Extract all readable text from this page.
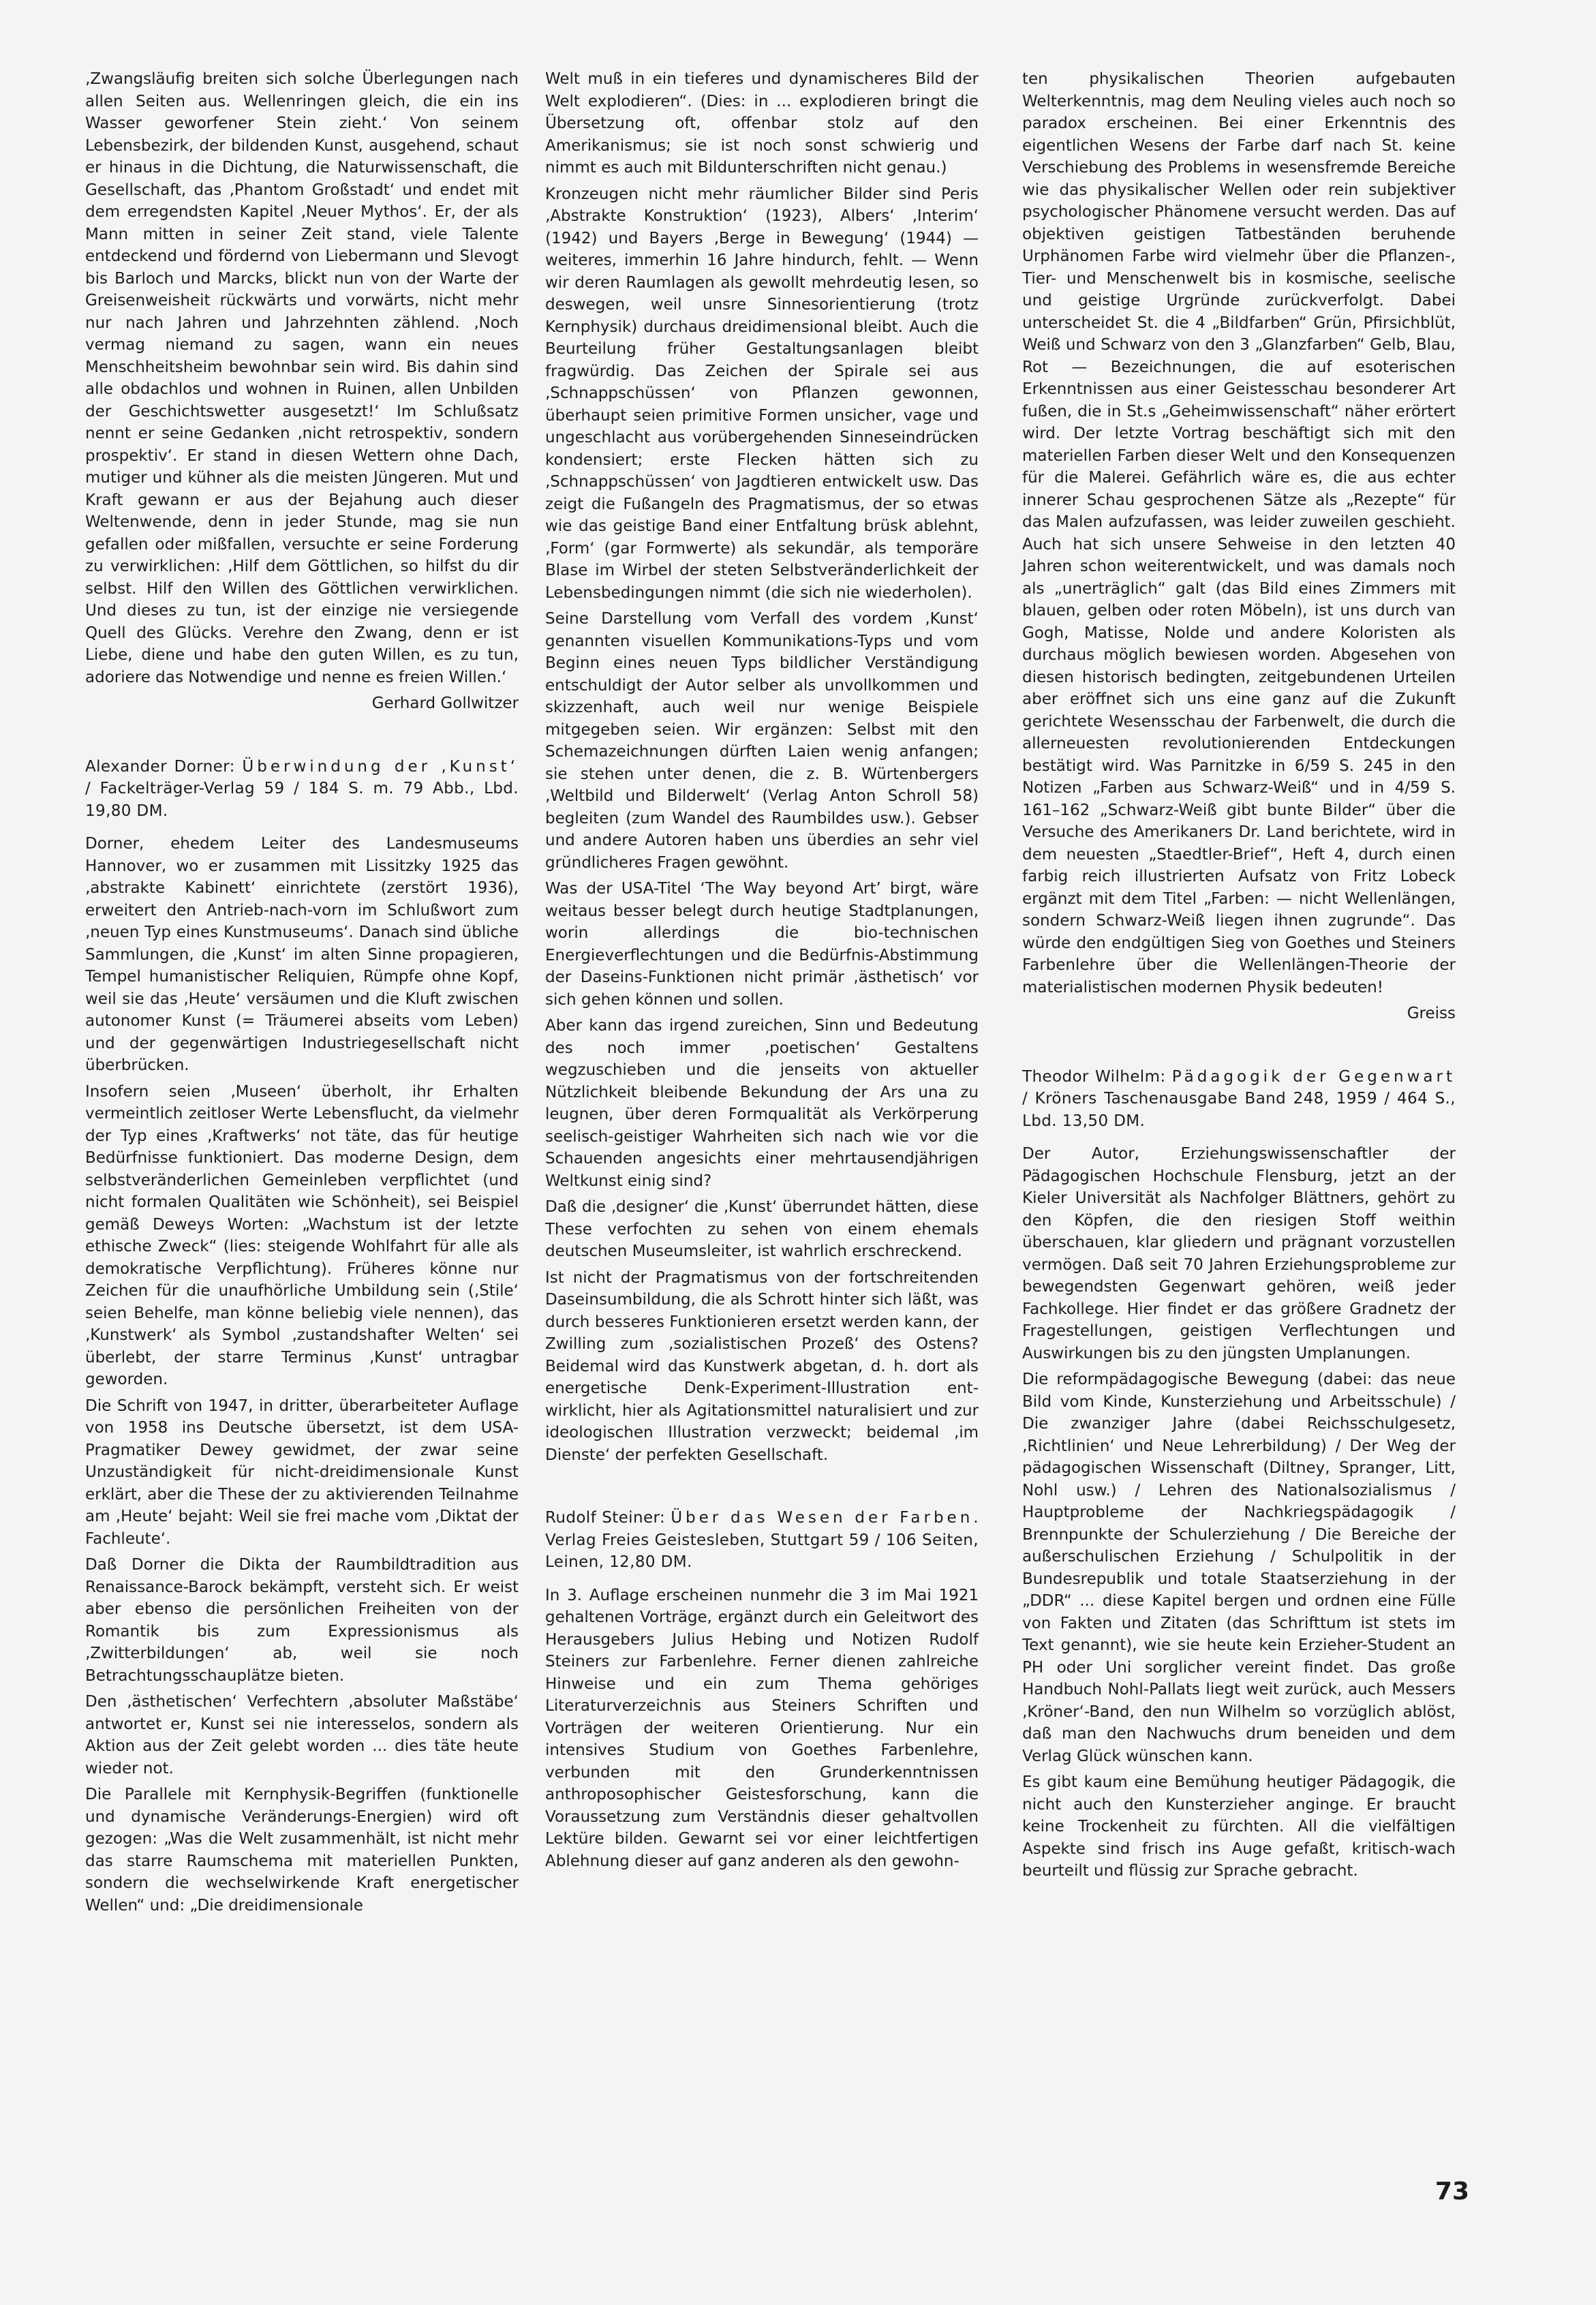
‚Zwangsläufig breiten sich solche Überlegungen nach allen Seiten aus. Wellenringen gleich, die ein ins Wasser geworfener Stein zieht.‘ Von seinem Lebensbezirk, der bildenden Kunst, ausgehend, schaut er hinaus in die Dichtung, die Naturwissenschaft, die Gesellschaft, das ‚Phantom Großstadt‘ und endet mit dem erregendsten Kapitel ‚Neuer Mythos‘. Er, der als Mann mitten in seiner Zeit stand, viele Talente entdeckend und fördernd von Liebermann und Slevogt bis Barloch und Marcks, blickt nun von der Warte der Greisenweisheit rückwärts und vorwärts, nicht mehr nur nach Jahren und Jahrzehnten zählend. ‚Noch vermag niemand zu sagen, wann ein neues Menschheitsheim bewohnbar sein wird. Bis dahin sind alle obdachlos und wohnen in Ruinen, allen Unbilden der Geschichtswetter ausgesetzt!‘ Im Schlußsatz nennt er seine Gedanken ‚nicht retrospektiv, sondern prospektiv‘. Er stand in diesen Wettern ohne Dach, mutiger und kühner als die meisten Jüngeren. Mut und Kraft gewann er aus der Bejahung auch dieser Weltenwende, denn in jeder Stunde, mag sie nun gefallen oder mißfallen, versuchte er seine Forderung zu verwirklichen: ‚Hilf dem Göttlichen, so hilfst du dir selbst. Hilf den Willen des Göttlichen verwirklichen. Und dieses zu tun, ist der einzige nie versiegende Quell des Glücks. Verehre den Zwang, denn er ist Liebe, diene und habe den guten Willen, es zu tun, adoriere das Notwendige und nenne es freien Willen.‘

Gerhard Gollwitzer

Alexander Dorner: Überwindung der ‚Kunst‘ / Fackelträger-Verlag 59 / 184 S. m. 79 Abb., Lbd. 19,80 DM.

Dorner, ehedem Leiter des Landesmuseums Hannover, wo er zusammen mit Lissitzky 1925 das ‚abstrakte Kabinett‘ einrichtete (zerstört 1936), erweitert den Antrieb-nach-vorn im Schlußwort zum ‚neuen Typ eines Kunstmuseums‘. Danach sind übliche Sammlungen, die ‚Kunst‘ im alten Sinne propagieren, Tempel humanistischer Reliquien, Rümpfe ohne Kopf, weil sie das ‚Heute‘ versäumen und die Kluft zwischen autonomer Kunst (= Träumerei abseits vom Leben) und der gegenwärtigen Industriegesellschaft nicht überbrücken.

Insofern seien ‚Museen‘ überholt, ihr Erhalten vermeintlich zeitloser Werte Lebensflucht, da vielmehr der Typ eines ‚Kraftwerks‘ not täte, das für heutige Bedürfnisse funktioniert. Das moderne Design, dem selbstveränderlichen Gemeinleben verpflichtet (und nicht formalen Qualitäten wie Schönheit), sei Beispiel gemäß Deweys Worten: „Wachstum ist der letzte ethische Zweck“ (lies: steigende Wohlfahrt für alle als demokratische Verpflichtung). Früheres könne nur Zeichen für die unaufhörliche Umbildung sein (‚Stile‘ seien Behelfe, man könne beliebig viele nennen), das ‚Kunstwerk‘ als Symbol ‚zustandshafter Welten‘ sei überlebt, der starre Terminus ‚Kunst‘ untragbar geworden.

Die Schrift von 1947, in dritter, überarbeiteter Auflage von 1958 ins Deutsche übersetzt, ist dem USA-Pragmatiker Dewey gewidmet, der zwar seine Unzuständigkeit für nicht-dreidimensionale Kunst erklärt, aber die These der zu aktivierenden Teilnahme am ‚Heute‘ bejaht: Weil sie frei mache vom ‚Diktat der Fachleute‘.

Daß Dorner die Dikta der Raumbildtradition aus Renaissance-Barock bekämpft, versteht sich. Er weist aber ebenso die persönlichen Freiheiten von der Romantik bis zum Expressionismus als ‚Zwitterbildungen‘ ab, weil sie noch Betrachtungsschauplätze bieten.

Den ‚ästhetischen‘ Verfechtern ‚absoluter Maßstäbe‘ antwortet er, Kunst sei nie interesselos, sondern als Aktion aus der Zeit gelebt worden ... dies täte heute wieder not.

Die Parallele mit Kernphysik-Begriffen (funktionelle und dynamische Veränderungs-Energien) wird oft gezogen: „Was die Welt zusammenhält, ist nicht mehr das starre Raumschema mit materiellen Punkten, sondern die wechselwirkende Kraft energetischer Wellen“ und: „Die dreidimensionale

Welt muß in ein tieferes und dynamischeres Bild der Welt explodieren“. (Dies: in ... explodieren bringt die Übersetzung oft, offenbar stolz auf den Amerikanismus; sie ist noch sonst schwierig und nimmt es auch mit Bildunterschriften nicht genau.)

Kronzeugen nicht mehr räumlicher Bilder sind Peris ‚Abstrakte Konstruktion‘ (1923), Albers‘ ‚Interim‘ (1942) und Bayers ‚Berge in Bewegung‘ (1944) — weiteres, immerhin 16 Jahre hindurch, fehlt. — Wenn wir deren Raumlagen als gewollt mehrdeutig lesen, so deswegen, weil unsre Sinnesorientierung (trotz Kernphysik) durchaus dreidimensional bleibt. Auch die Beurteilung früher Gestaltungsanlagen bleibt fragwürdig. Das Zeichen der Spirale sei aus ‚Schnappschüssen‘ von Pflanzen gewonnen, überhaupt seien primitive Formen unsicher, vage und ungeschlacht aus vorübergehenden Sinneseindrücken kondensiert; erste Flecken hätten sich zu ‚Schnappschüssen‘ von Jagdtieren entwickelt usw. Das zeigt die Fußangeln des Pragmatismus, der so etwas wie das geistige Band einer Entfaltung brüsk ablehnt, ‚Form‘ (gar Formwerte) als sekundär, als temporäre Blase im Wirbel der steten Selbstveränderlichkeit der Lebensbedingungen nimmt (die sich nie wiederholen).

Seine Darstellung vom Verfall des vordem ‚Kunst‘ genannten visuellen Kommunikations-Typs und vom Beginn eines neuen Typs bildlicher Verständigung entschuldigt der Autor selber als unvollkommen und skizzenhaft, auch weil nur wenige Beispiele mitgegeben seien. Wir ergänzen: Selbst mit den Schemazeichnungen dürften Laien wenig anfangen; sie stehen unter denen, die z. B. Würtenbergers ‚Weltbild und Bilderwelt‘ (Verlag Anton Schroll 58) begleiten (zum Wandel des Raumbildes usw.). Gebser und andere Autoren haben uns überdies an sehr viel gründlicheres Fragen gewöhnt.

Was der USA-Titel ‘The Way beyond Art’ birgt, wäre weitaus besser belegt durch heutige Stadtplanungen, worin allerdings die bio-technischen Energieverflechtungen und die Bedürfnis-Abstimmung der Daseins-Funktionen nicht primär ‚ästhetisch‘ vor sich gehen können und sollen.

Aber kann das irgend zureichen, Sinn und Bedeutung des noch immer ‚poetischen‘ Gestaltens wegzuschieben und die jenseits von aktueller Nützlichkeit bleibende Bekundung der Ars una zu leugnen, über deren Formqualität als Verkörperung seelisch-geistiger Wahrheiten sich nach wie vor die Schauenden angesichts einer mehrtausendjährigen Weltkunst einig sind?

Daß die ‚designer‘ die ‚Kunst‘ überrundet hätten, diese These verfochten zu sehen von einem ehemals deutschen Museumsleiter, ist wahrlich erschreckend.

Ist nicht der Pragmatismus von der fortschreitenden Daseinsumbildung, die als Schrott hinter sich läßt, was durch besseres Funktionieren ersetzt werden kann, der Zwilling zum ‚sozialistischen Prozeß‘ des Ostens? Beidemal wird das Kunstwerk abgetan, d. h. dort als energetische Denk-Experiment-Illustration ent-wirklicht, hier als Agitationsmittel naturalisiert und zur ideologischen Illustration verzweckt; beidemal ‚im Dienste‘ der perfekten Gesellschaft.

Rudolf Steiner: Über das Wesen der Farben. Verlag Freies Geistesleben, Stuttgart 59 / 106 Seiten, Leinen, 12,80 DM.

In 3. Auflage erscheinen nunmehr die 3 im Mai 1921 gehaltenen Vorträge, ergänzt durch ein Geleitwort des Herausgebers Julius Hebing und Notizen Rudolf Steiners zur Farbenlehre. Ferner dienen zahlreiche Hinweise und ein zum Thema gehöriges Literaturverzeichnis aus Steiners Schriften und Vorträgen der weiteren Orientierung. Nur ein intensives Studium von Goethes Farbenlehre, verbunden mit den Grunderkenntnissen anthroposophischer Geistesforschung, kann die Voraussetzung zum Verständnis dieser gehaltvollen Lektüre bilden. Gewarnt sei vor einer leichtfertigen Ablehnung dieser auf ganz anderen als den gewohn-

ten physikalischen Theorien aufgebauten Welterkenntnis, mag dem Neuling vieles auch noch so paradox erscheinen. Bei einer Erkenntnis des eigentlichen Wesens der Farbe darf nach St. keine Verschiebung des Problems in wesensfremde Bereiche wie das physikalischer Wellen oder rein subjektiver psychologischer Phänomene versucht werden. Das auf objektiven geistigen Tatbeständen beruhende Urphänomen Farbe wird vielmehr über die Pflanzen-, Tier- und Menschenwelt bis in kosmische, seelische und geistige Urgründe zurückverfolgt. Dabei unterscheidet St. die 4 „Bildfarben“ Grün, Pfirsichblüt, Weiß und Schwarz von den 3 „Glanzfarben“ Gelb, Blau, Rot — Bezeichnungen, die auf esoterischen Erkenntnissen aus einer Geistesschau besonderer Art fußen, die in St.s „Geheimwissenschaft“ näher erörtert wird. Der letzte Vortrag beschäftigt sich mit den materiellen Farben dieser Welt und den Konsequenzen für die Malerei. Gefährlich wäre es, die aus echter innerer Schau gesprochenen Sätze als „Rezepte“ für das Malen aufzufassen, was leider zuweilen geschieht. Auch hat sich unsere Sehweise in den letzten 40 Jahren schon weiterentwickelt, und was damals noch als „unerträglich“ galt (das Bild eines Zimmers mit blauen, gelben oder roten Möbeln), ist uns durch van Gogh, Matisse, Nolde und andere Koloristen als durchaus möglich bewiesen worden. Abgesehen von diesen historisch bedingten, zeitgebundenen Urteilen aber eröffnet sich uns eine ganz auf die Zukunft gerichtete Wesensschau der Farbenwelt, die durch die allerneuesten revolutionierenden Entdeckungen bestätigt wird. Was Parnitzke in 6/59 S. 245 in den Notizen „Farben aus Schwarz-Weiß“ und in 4/59 S. 161–162 „Schwarz-Weiß gibt bunte Bilder“ über die Versuche des Amerikaners Dr. Land berichtete, wird in dem neuesten „Staedtler-Brief“, Heft 4, durch einen farbig reich illustrierten Aufsatz von Fritz Lobeck ergänzt mit dem Titel „Farben: — nicht Wellenlängen, sondern Schwarz-Weiß liegen ihnen zugrunde“. Das würde den endgültigen Sieg von Goethes und Steiners Farbenlehre über die Wellenlängen-Theorie der materialistischen modernen Physik bedeuten!

Greiss

Theodor Wilhelm: Pädagogik der Gegenwart / Kröners Taschenausgabe Band 248, 1959 / 464 S., Lbd. 13,50 DM.

Der Autor, Erziehungswissenschaftler der Pädagogischen Hochschule Flensburg, jetzt an der Kieler Universität als Nachfolger Blättners, gehört zu den Köpfen, die den riesigen Stoff weithin überschauen, klar gliedern und prägnant vorzustellen vermögen. Daß seit 70 Jahren Erziehungsprobleme zur bewegendsten Gegenwart gehören, weiß jeder Fachkollege. Hier findet er das größere Gradnetz der Fragestellungen, geistigen Verflechtungen und Auswirkungen bis zu den jüngsten Umplanungen.

Die reformpädagogische Bewegung (dabei: das neue Bild vom Kinde, Kunsterziehung und Arbeitsschule) / Die zwanziger Jahre (dabei Reichsschulgesetz, ‚Richtlinien‘ und Neue Lehrerbildung) / Der Weg der pädagogischen Wissenschaft (Diltney, Spranger, Litt, Nohl usw.) / Lehren des Nationalsozialismus / Hauptprobleme der Nachkriegspädagogik / Brennpunkte der Schulerziehung / Die Bereiche der außerschulischen Erziehung / Schulpolitik in der Bundesrepublik und totale Staatserziehung in der „DDR“ ... diese Kapitel bergen und ordnen eine Fülle von Fakten und Zitaten (das Schrifttum ist stets im Text genannt), wie sie heute kein Erzieher-Student an PH oder Uni sorglicher vereint findet. Das große Handbuch Nohl-Pallats liegt weit zurück, auch Messers ‚Kröner‘-Band, den nun Wilhelm so vorzüglich ablöst, daß man den Nachwuchs drum beneiden und dem Verlag Glück wünschen kann.

Es gibt kaum eine Bemühung heutiger Pädagogik, die nicht auch den Kunsterzieher anginge. Er braucht keine Trockenheit zu fürchten. All die vielfältigen Aspekte sind frisch ins Auge gefaßt, kritisch-wach beurteilt und flüssig zur Sprache gebracht.

73
